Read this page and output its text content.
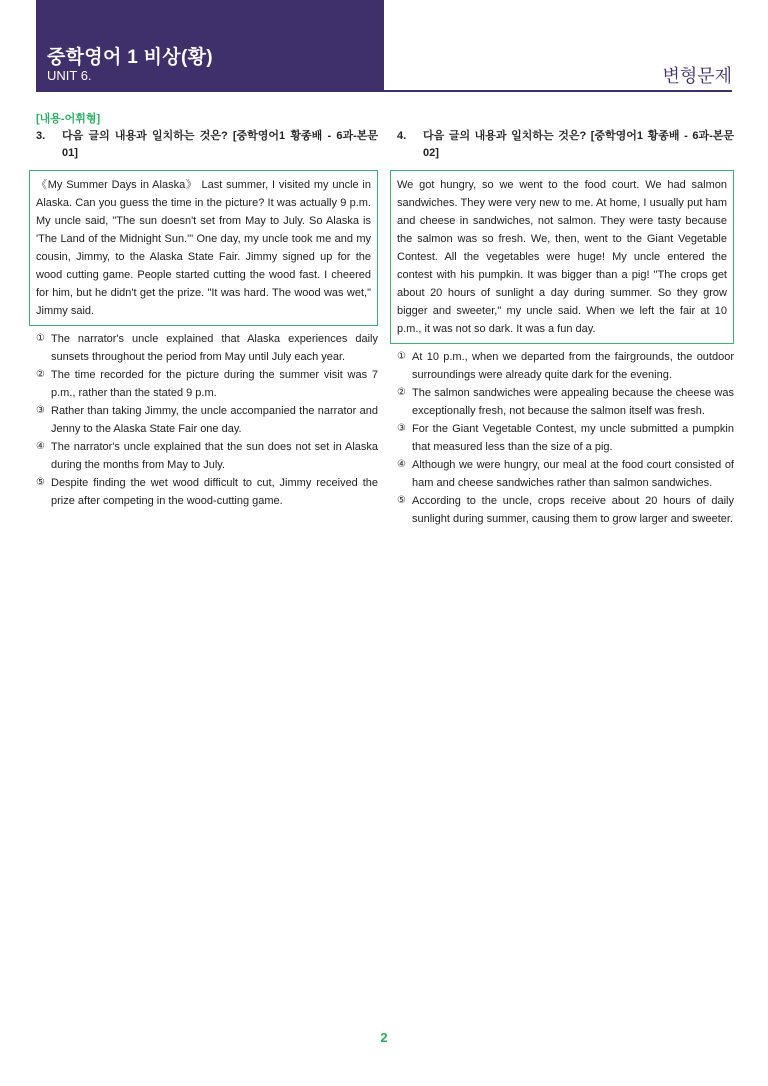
중학영어 1 비상(황)
UNIT 6.	변형문제
[내용-어휘형]
3.	다음 글의 내용과 일치하는 것은? [중학영어1 황종배 - 6과-본문 01]
《My Summer Days in Alaska》 Last summer, I visited my uncle in Alaska. Can you guess the time in the picture? It was actually 9 p.m. My uncle said, "The sun doesn't set from May to July. So Alaska is 'The Land of the Midnight Sun.'" One day, my uncle took me and my cousin, Jimmy, to the Alaska State Fair. Jimmy signed up for the wood cutting game. People started cutting the wood fast. I cheered for him, but he didn't get the prize. "It was hard. The wood was wet," Jimmy said.
① The narrator's uncle explained that Alaska experiences daily sunsets throughout the period from May until July each year.
② The time recorded for the picture during the summer visit was 7 p.m., rather than the stated 9 p.m.
③ Rather than taking Jimmy, the uncle accompanied the narrator and Jenny to the Alaska State Fair one day.
④ The narrator's uncle explained that the sun does not set in Alaska during the months from May to July.
⑤ Despite finding the wet wood difficult to cut, Jimmy received the prize after competing in the wood-cutting game.
4.	다음 글의 내용과 일치하는 것은? [중학영어1 황종배 - 6과-본문 02]
We got hungry, so we went to the food court. We had salmon sandwiches. They were very new to me. At home, I usually put ham and cheese in sandwiches, not salmon. They were tasty because the salmon was so fresh. We, then, went to the Giant Vegetable Contest. All the vegetables were huge! My uncle entered the contest with his pumpkin. It was bigger than a pig! "The crops get about 20 hours of sunlight a day during summer. So they grow bigger and sweeter," my uncle said. When we left the fair at 10 p.m., it was not so dark. It was a fun day.
① At 10 p.m., when we departed from the fairgrounds, the outdoor surroundings were already quite dark for the evening.
② The salmon sandwiches were appealing because the cheese was exceptionally fresh, not because the salmon itself was fresh.
③ For the Giant Vegetable Contest, my uncle submitted a pumpkin that measured less than the size of a pig.
④ Although we were hungry, our meal at the food court consisted of ham and cheese sandwiches rather than salmon sandwiches.
⑤ According to the uncle, crops receive about 20 hours of daily sunlight during summer, causing them to grow larger and sweeter.
2
